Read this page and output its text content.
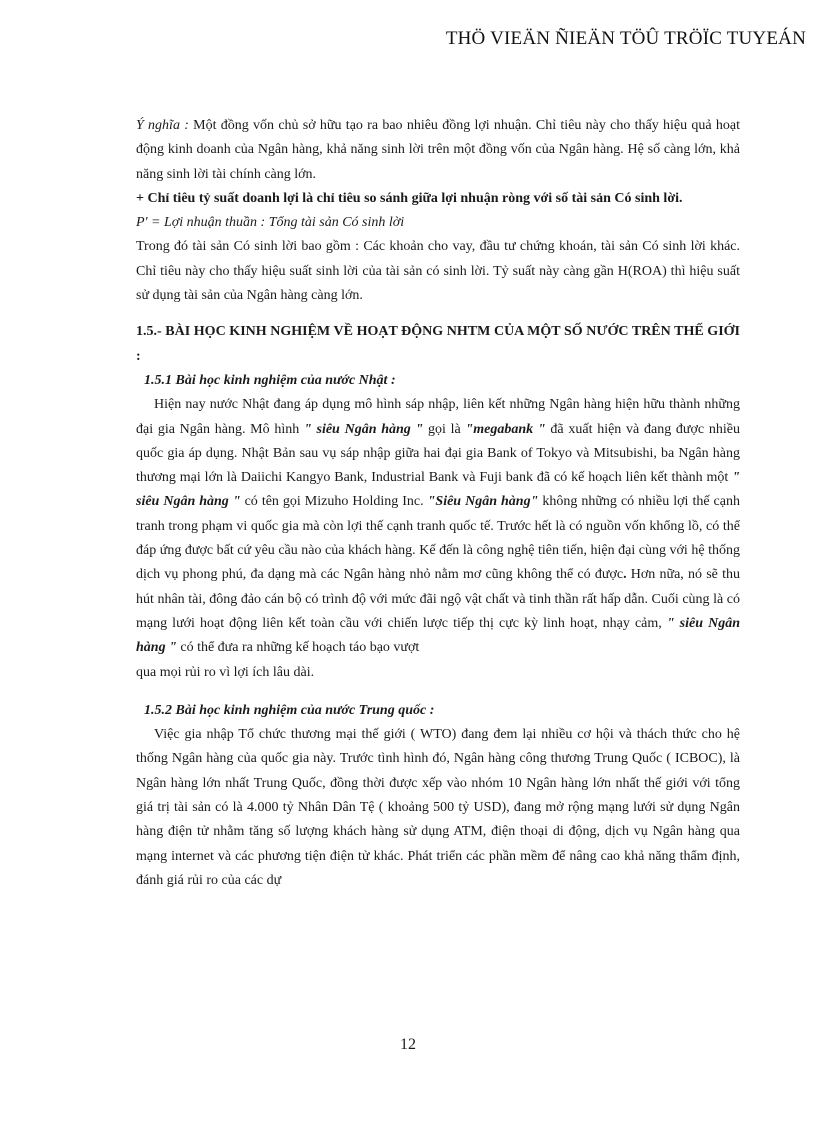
THÖ VIEÄN ÑIEÄN TÖÛ TRÖÏC TUYEÁN

Ý nghĩa : Một đồng vốn chủ sở hữu tạo ra bao nhiêu đồng lợi nhuận. Chỉ tiêu này cho thấy hiệu quả hoạt động kinh doanh của Ngân hàng, khả năng sinh lời trên một đồng vốn của Ngân hàng. Hệ số càng lớn, khả năng sinh lời tài chính càng lớn.

+ Chỉ tiêu tỷ suất doanh lợi là chỉ tiêu so sánh giữa lợi nhuận ròng với số tài sản Có sinh lời.

P' = Lợi nhuận thuần : Tổng tài sản Có sinh lời

Trong đó tài sản Có sinh lời bao gồm : Các khoản cho vay, đầu tư chứng khoán, tài sản Có sinh lời khác. Chỉ tiêu này cho thấy hiệu suất sinh lời của tài sản có sinh lời. Tỷ suất này càng gần H(ROA) thì hiệu suất sử dụng tài sản của Ngân hàng càng lớn.

1.5.- BÀI HỌC KINH NGHIỆM VỀ HOẠT ĐỘNG NHTM CỦA MỘT SỐ NƯỚC TRÊN THẾ GIỚI :

1.5.1 Bài học kinh nghiệm của nước Nhật :

Hiện nay nước Nhật đang áp dụng mô hình sáp nhập, liên kết những Ngân hàng hiện hữu thành những đại gia Ngân hàng. Mô hình " siêu Ngân hàng " gọi là "megabank " đã xuất hiện và đang được nhiều quốc gia áp dụng. Nhật Bản sau vụ sáp nhập giữa hai đại gia Bank of Tokyo và Mitsubishi, ba Ngân hàng thương mại lớn là Daiichi Kangyo Bank, Industrial Bank và Fuji bank đã có kế hoạch liên kết thành một " siêu Ngân hàng " có tên gọi Mizuho Holding Inc. "Siêu Ngân hàng" không những có nhiều lợi thế cạnh tranh trong phạm vi quốc gia mà còn lợi thế cạnh tranh quốc tế. Trước hết là có nguồn vốn khổng lồ, có thể đáp ứng được bất cứ yêu cầu nào của khách hàng. Kế đến là công nghệ tiên tiến, hiện đại cùng với hệ thống dịch vụ phong phú, đa dạng mà các Ngân hàng nhỏ nằm mơ cũng không thể có được. Hơn nữa, nó sẽ thu hút nhân tài, đông đảo cán bộ có trình độ với mức đãi ngộ vật chất và tinh thần rất hấp dẫn. Cuối cùng là có mạng lưới hoạt động liên kết toàn cầu với chiến lược tiếp thị cực kỳ linh hoạt, nhạy cảm, " siêu Ngân hàng " có thể đưa ra những kế hoạch táo bạo vượt

qua mọi rủi ro vì lợi ích lâu dài.

1.5.2 Bài học kinh nghiệm của nước Trung quốc :

Việc gia nhập Tổ chức thương mại thế giới ( WTO) đang đem lại nhiều cơ hội và thách thức cho hệ thống Ngân hàng của quốc gia này. Trước tình hình đó, Ngân hàng công thương Trung Quốc ( ICBOC), là Ngân hàng lớn nhất Trung Quốc, đồng thời được xếp vào nhóm 10 Ngân hàng lớn nhất thế giới với tổng giá trị tài sản có là 4.000 tỷ Nhân Dân Tệ ( khoảng 500 tỷ USD), đang mở rộng mạng lưới sử dụng Ngân hàng điện tử nhằm tăng số lượng khách hàng sử dụng ATM, điện thoại di động, dịch vụ Ngân hàng qua mạng internet và các phương tiện điện tử khác. Phát triển các phần mềm để nâng cao khả năng thẩm định, đánh giá rủi ro của các dự

12
